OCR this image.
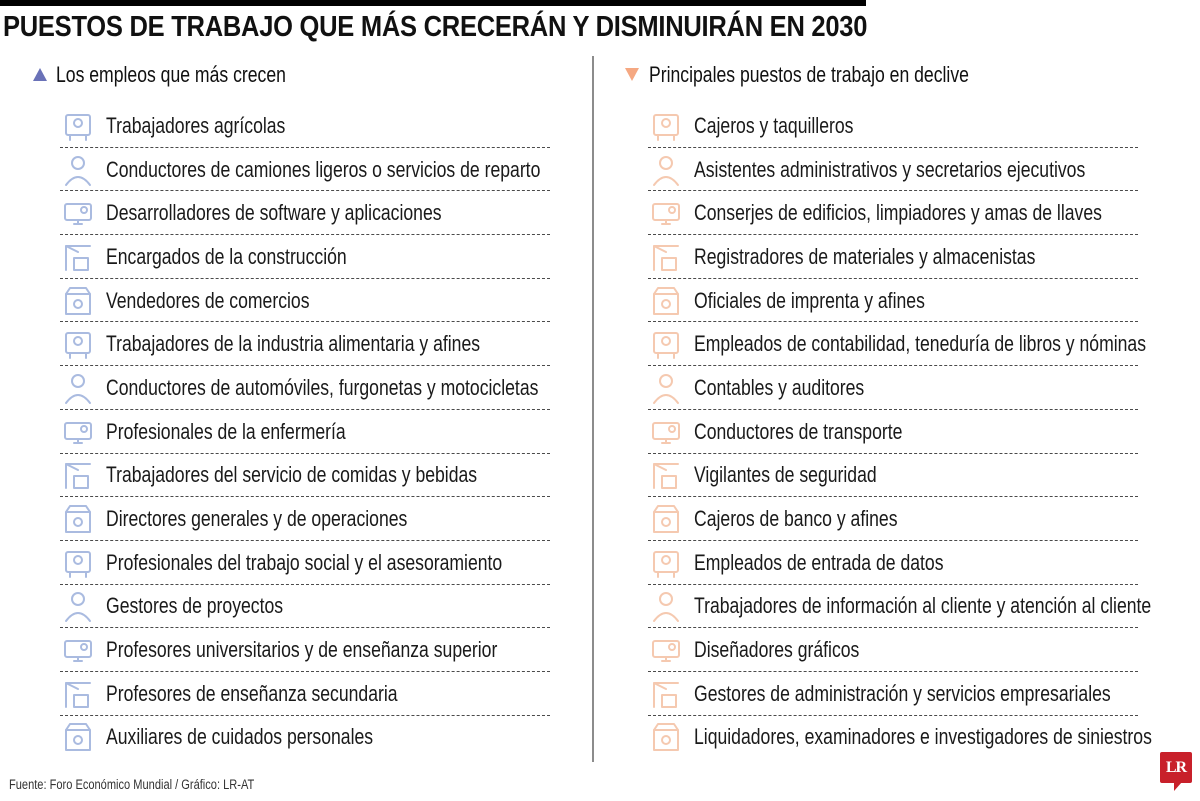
PUESTOS DE TRABAJO QUE MÁS CRECERÁN Y DISMINUIRÁN EN 2030
Los empleos que más crecen
Trabajadores agrícolas
Conductores de camiones ligeros o servicios de reparto
Desarrolladores de software y aplicaciones
Encargados de la construcción
Vendedores de comercios
Trabajadores de la industria alimentaria y afines
Conductores de automóviles, furgonetas y motocicletas
Profesionales de la enfermería
Trabajadores del servicio de comidas y bebidas
Directores generales y de operaciones
Profesionales del trabajo social y el asesoramiento
Gestores de proyectos
Profesores universitarios y de enseñanza superior
Profesores de enseñanza secundaria
Auxiliares de cuidados personales
Principales puestos de trabajo en declive
Cajeros y taquilleros
Asistentes administrativos y secretarios ejecutivos
Conserjes de edificios, limpiadores y amas de llaves
Registradores de materiales y almacenistas
Oficiales de imprenta y afines
Empleados de contabilidad, teneduría de libros y nóminas
Contables y auditores
Conductores de transporte
Vigilantes de seguridad
Cajeros de banco y afines
Empleados de entrada de datos
Trabajadores de información al cliente y atención al cliente
Diseñadores gráficos
Gestores de administración y servicios empresariales
Liquidadores, examinadores e investigadores de siniestros
Fuente: Foro Económico Mundial / Gráfico: LR-AT
LR
